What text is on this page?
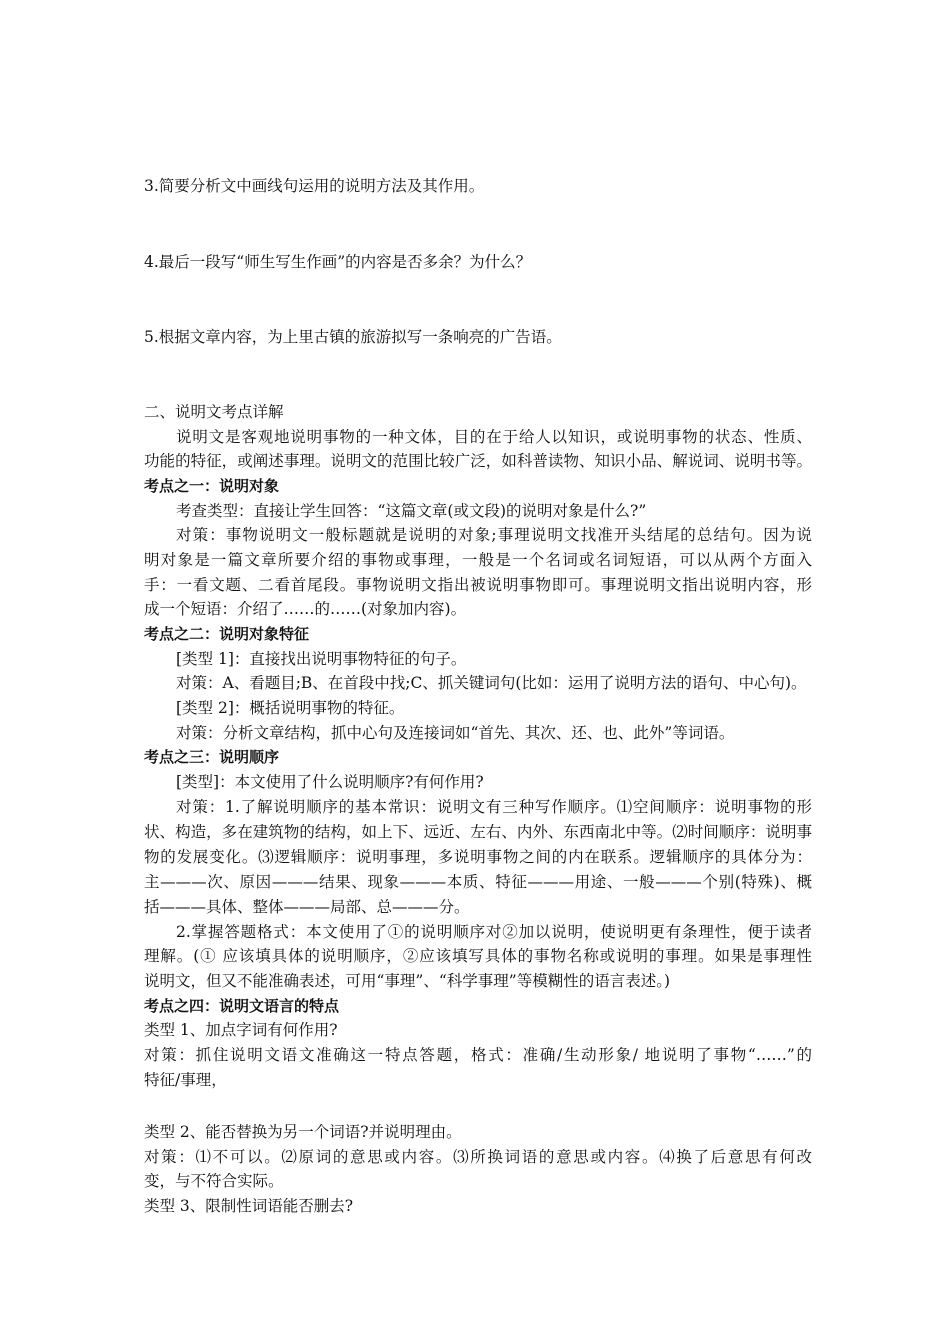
3.简要分析文中画线句运用的说明方法及其作用。
4.最后一段写“师生写生作画”的内容是否多余？为什么？
5.根据文章内容，为上里古镇的旅游拟写一条响亮的广告语。
二、说明文考点详解
说明文是客观地说明事物的一种文体，目的在于给人以知识，或说明事物的状态、性质、
功能的特征，或阐述事理。说明文的范围比较广泛，如科普读物、知识小品、解说词、说明书等。
考点之一：说明对象
考查类型：直接让学生回答：“这篇文章(或文段)的说明对象是什么?”
对策：事物说明文一般标题就是说明的对象;事理说明文找准开头结尾的总结句。因为说
明对象是一篇文章所要介绍的事物或事理，一般是一个名词或名词短语，可以从两个方面入
手：一看文题、二看首尾段。事物说明文指出被说明事物即可。事理说明文指出说明内容，形
成一个短语：介绍了……的……(对象加内容)。
考点之二：说明对象特征
[类型 1]：直接找出说明事物特征的句子。
对策：A、看题目;B、在首段中找;C、抓关键词句(比如：运用了说明方法的语句、中心句)。
[类型 2]：概括说明事物的特征。
对策：分析文章结构，抓中心句及连接词如“首先、其次、还、也、此外”等词语。
考点之三：说明顺序
[类型]：本文使用了什么说明顺序?有何作用?
对策：1.了解说明顺序的基本常识：说明文有三种写作顺序。⑴空间顺序：说明事物的形
状、构造，多在建筑物的结构，如上下、远近、左右、内外、东西南北中等。⑵时间顺序：说明事
物的发展变化。⑶逻辑顺序：说明事理，多说明事物之间的内在联系。逻辑顺序的具体分为：
主———次、原因———结果、现象———本质、特征———用途、一般———个别(特殊)、概
括———具体、整体———局部、总———分。
2.掌握答题格式：本文使用了①的说明顺序对②加以说明，使说明更有条理性，便于读者
理解。(① 应该填具体的说明顺序，②应该填写具体的事物名称或说明的事理。如果是事理性
说明文，但又不能准确表述，可用“事理”、“科学事理”等模糊性的语言表述。)
考点之四：说明文语言的特点
类型 1、加点字词有何作用?
对策：抓住说明文语文准确这一特点答题，格式：准确/生动形象/ 地说明了事物“……”的
特征/事理，
类型 2、能否替换为另一个词语?并说明理由。
对策：⑴不可以。⑵原词的意思或内容。⑶所换词语的意思或内容。⑷换了后意思有何改
变，与不符合实际。
类型 3、限制性词语能否删去?
